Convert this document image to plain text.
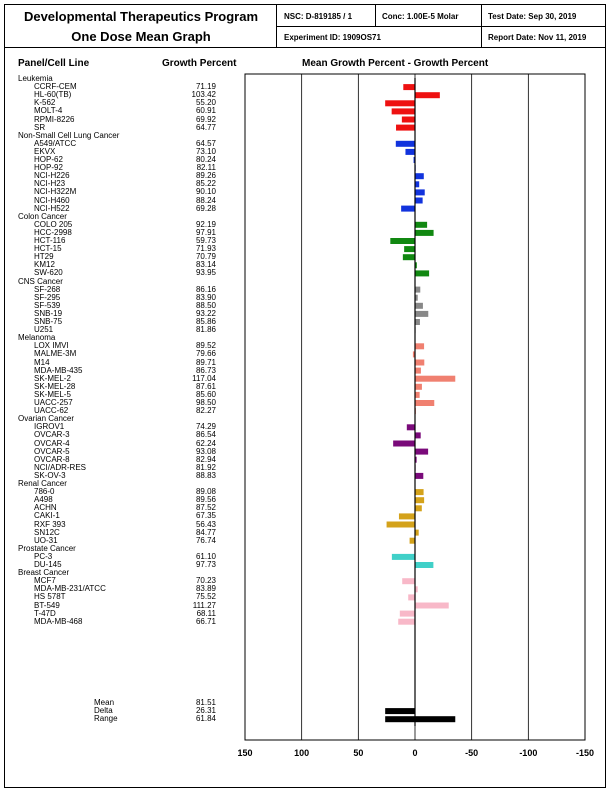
Developmental Therapeutics Program
One Dose Mean Graph
NSC: D-819185 / 1	Conc: 1.00E-5 Molar	Test Date: Sep 30, 2019
Experiment ID: 1909OS71	Report Date: Nov 11, 2019
Panel/Cell Line	Growth Percent	Mean Growth Percent - Growth Percent
Leukemia
CCRF-CEM	71.19
HL-60(TB)	103.42
K-562	55.20
MOLT-4	60.91
RPMI-8226	69.92
SR	64.77
Non-Small Cell Lung Cancer
A549/ATCC	64.57
EKVX	73.10
HOP-62	80.24
HOP-92	82.11
NCI-H226	89.26
NCI-H23	85.22
NCI-H322M	90.10
NCI-H460	88.24
NCI-H522	69.28
Colon Cancer
COLO 205	92.19
HCC-2998	97.91
HCT-116	59.73
HCT-15	71.93
HT29	70.79
KM12	83.14
SW-620	93.95
CNS Cancer
SF-268	86.16
SF-295	83.90
SF-539	88.50
SNB-19	93.22
SNB-75	85.86
U251	81.86
Melanoma
LOX IMVI	89.52
MALME-3M	79.66
M14	89.71
MDA-MB-435	86.73
SK-MEL-2	117.04
SK-MEL-28	87.61
SK-MEL-5	85.60
UACC-257	98.50
UACC-62	82.27
Ovarian Cancer
IGROV1	74.29
OVCAR-3	86.54
OVCAR-4	62.24
OVCAR-5	93.08
OVCAR-8	82.94
NCI/ADR-RES	81.92
SK-OV-3	88.83
Renal Cancer
786-0	89.08
A498	89.56
ACHN	87.52
CAKI-1	67.35
RXF 393	56.43
SN12C	84.77
UO-31	76.74
Prostate Cancer
PC-3	61.10
DU-145	97.73
Breast Cancer
MCF7	70.23
MDA-MB-231/ATCC	83.89
HS 578T	75.52
BT-549	111.27
T-47D	68.11
MDA-MB-468	66.71
Mean	81.51
Delta	26.31
Range	61.84
150	100	50	0	-50	-100	-150
